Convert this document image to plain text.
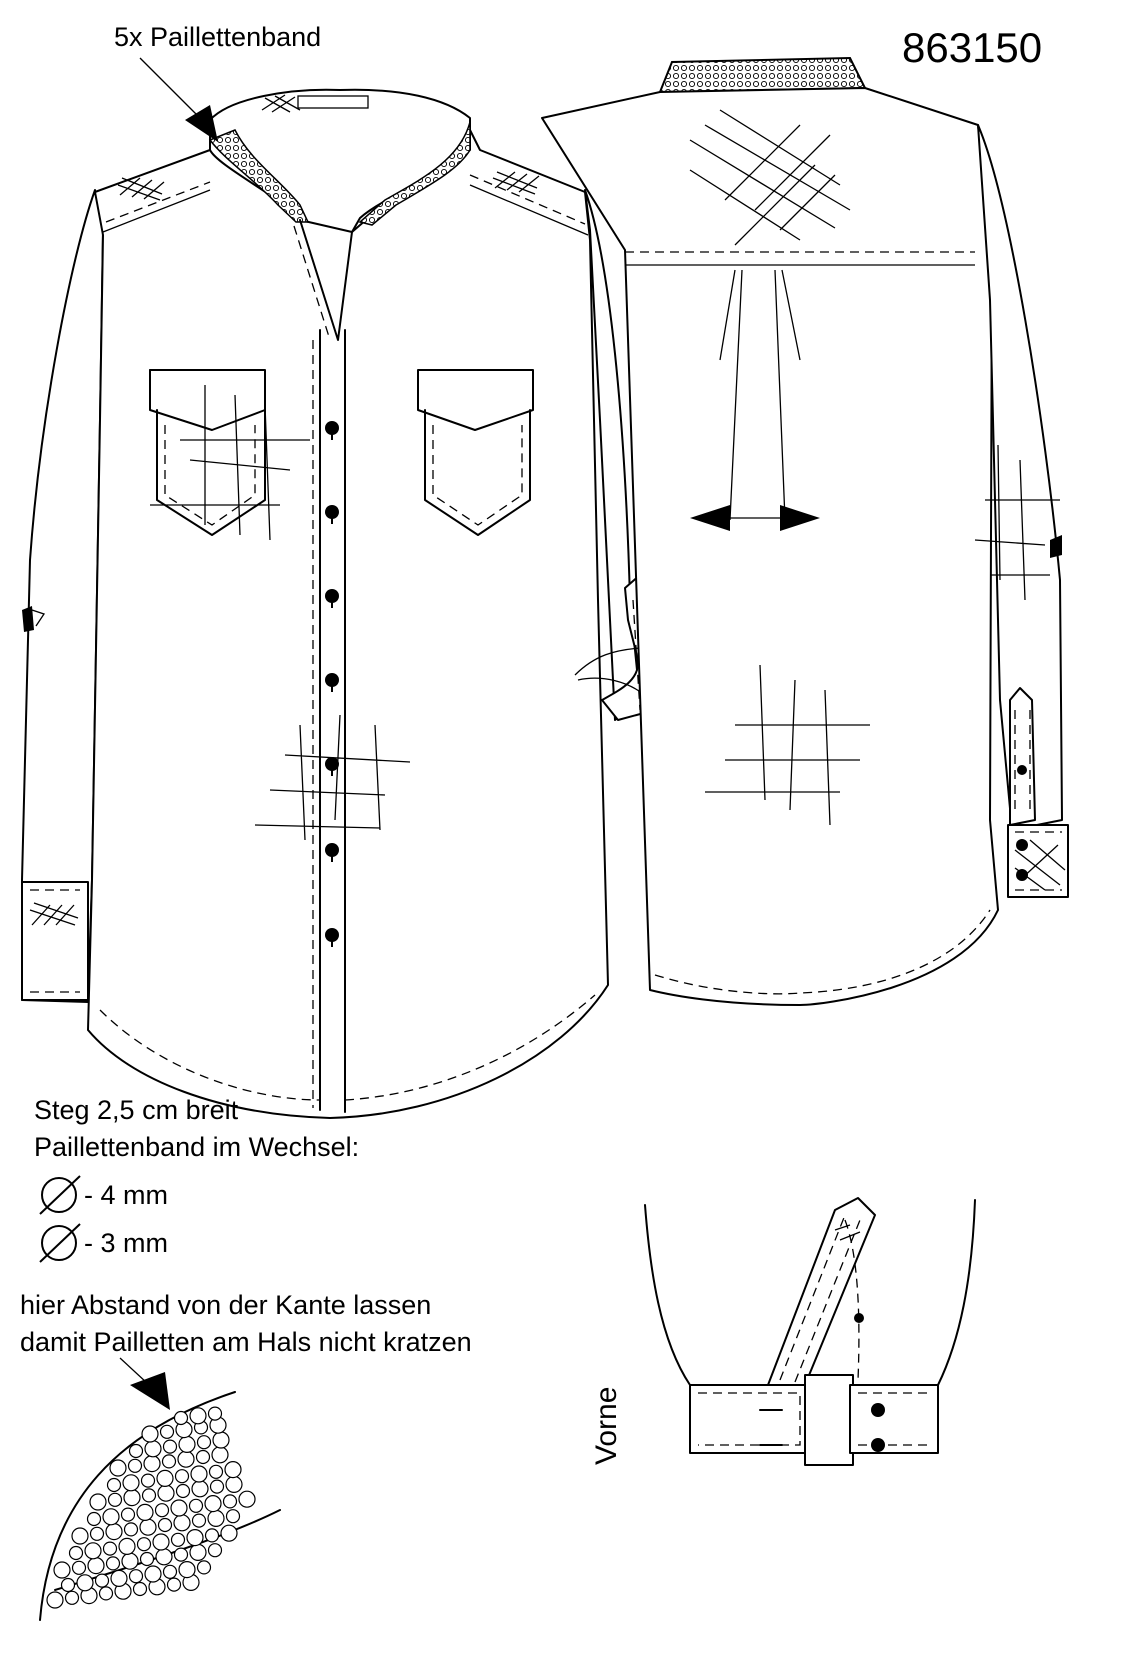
863150
5x Paillettenband
Steg 2,5 cm breit
Paillettenband im Wechsel:
- 4 mm
- 3 mm
hier Abstand von der Kante lassen
damit Pailletten am Hals nicht kratzen
Vorne
